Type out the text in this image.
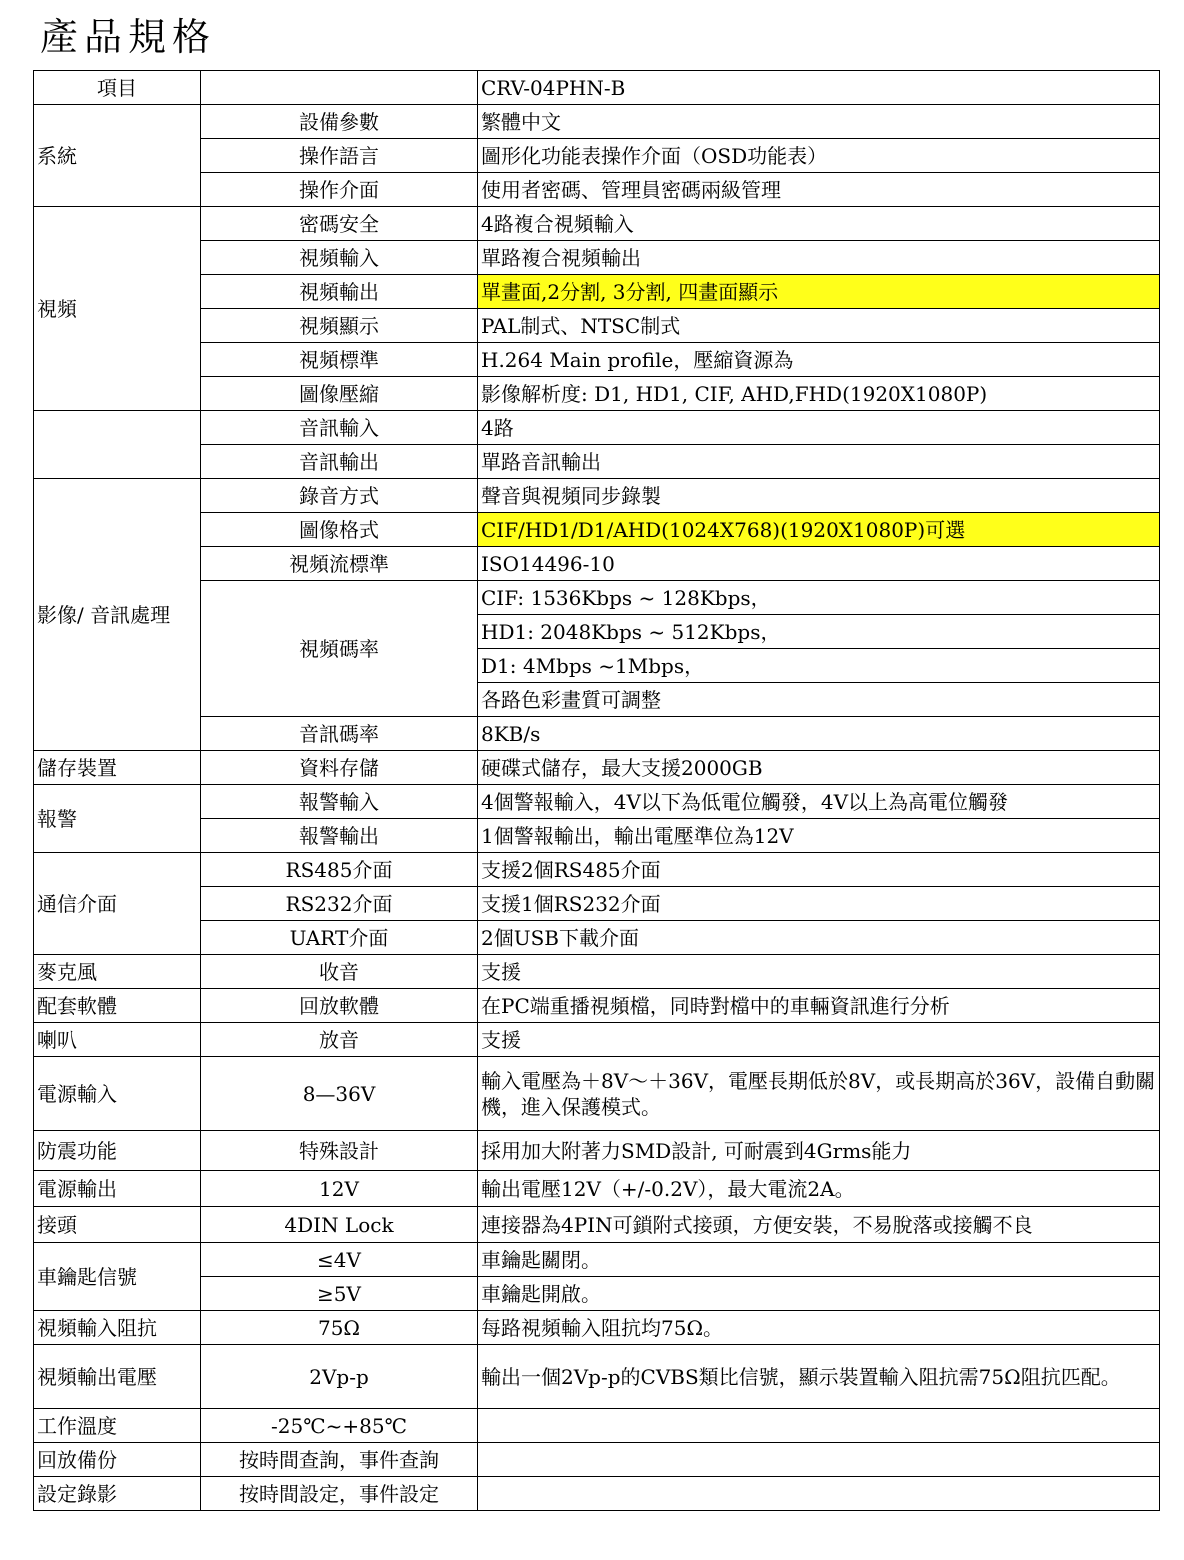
產品規格
項目		CRV-04PHN-B
系統	設備參數	繁體中文
	操作語言	圖形化功能表操作介面（OSD功能表）
	操作介面	使用者密碼、管理員密碼兩級管理
視頻	密碼安全	4路複合視頻輸入
	視頻輸入	單路複合視頻輸出
	視頻輸出	單畫面,2分割, 3分割, 四畫面顯示
	視頻顯示	PAL制式、NTSC制式
	視頻標準	H.264 Main profile，壓縮資源為
	圖像壓縮	影像解析度: D1, HD1, CIF, AHD,FHD(1920X1080P)
	音訊輸入	4路
	音訊輸出	單路音訊輸出
影像/ 音訊處理	錄音方式	聲音與視頻同步錄製
	圖像格式	CIF/HD1/D1/AHD(1024X768)(1920X1080P)可選
	視頻流標準	ISO14496-10
	視頻碼率	CIF: 1536Kbps ~ 128Kbps，
		HD1: 2048Kbps ~ 512Kbps，
		D1: 4Mbps ~1Mbps，
		各路色彩畫質可調整
	音訊碼率	8KB/s
儲存裝置	資料存儲	硬碟式儲存，最大支援2000GB
報警	報警輸入	4個警報輸入，4V以下為低電位觸發，4V以上為高電位觸發
	報警輸出	1個警報輸出，輸出電壓準位為12V
通信介面	RS485介面	支援2個RS485介面
	RS232介面	支援1個RS232介面
	UART介面	2個USB下載介面
麥克風	收音	支援
配套軟體	回放軟體	在PC端重播視頻檔，同時對檔中的車輛資訊進行分析
喇叭	放音	支援
電源輸入	8—36V	輸入電壓為＋8V～＋36V，電壓長期低於8V，或長期高於36V，設備自動關機，進入保護模式。
防震功能	特殊設計	採用加大附著力SMD設計, 可耐震到4Grms能力
電源輸出	12V	輸出電壓12V（+/-0.2V），最大電流2A。
接頭	4DIN Lock	連接器為4PIN可鎖附式接頭，方便安裝，不易脫落或接觸不良
車鑰匙信號	≤4V	車鑰匙關閉。
	≥5V	車鑰匙開啟。
視頻輸入阻抗	75Ω	每路視頻輸入阻抗均75Ω。
視頻輸出電壓	2Vp-p	輸出一個2Vp-p的CVBS類比信號，顯示裝置輸入阻抗需75Ω阻抗匹配。
工作溫度	-25℃~+85℃	
回放備份	按時間查詢，事件查詢	
設定錄影	按時間設定，事件設定	
